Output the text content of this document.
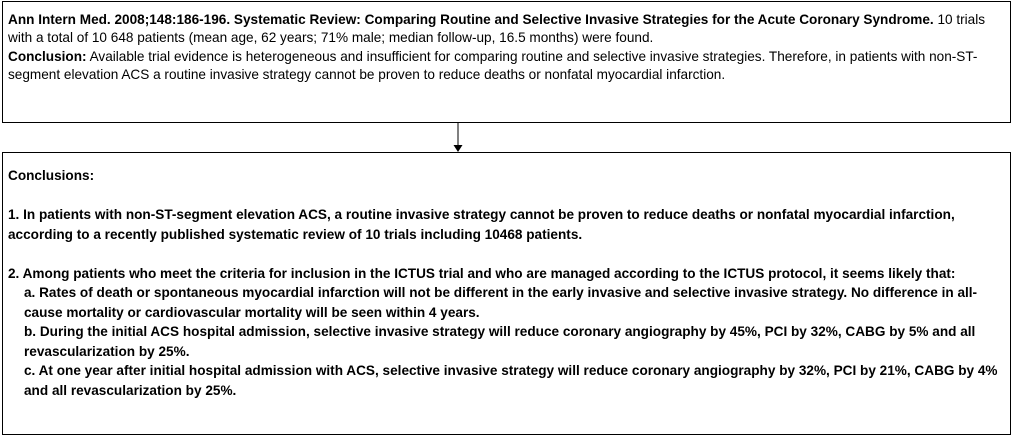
Ann Intern Med. 2008;148:186-196. Systematic Review: Comparing Routine and Selective Invasive Strategies for the Acute Coronary Syndrome. 10 trials with a total of 10 648 patients (mean age, 62 years; 71% male; median follow-up, 16.5 months) were found.
Conclusion: Available trial evidence is heterogeneous and insufficient for comparing routine and selective invasive strategies. Therefore, in patients with non-ST-segment elevation ACS a routine invasive strategy cannot be proven to reduce deaths or nonfatal myocardial infarction.

Conclusions:

1. In patients with non-ST-segment elevation ACS, a routine invasive strategy cannot be proven to reduce deaths or nonfatal myocardial infarction, according to a recently published systematic review of 10 trials including 10468 patients.

2. Among patients who meet the criteria for inclusion in the ICTUS trial and who are managed according to the ICTUS protocol, it seems likely that:

a. Rates of death or spontaneous myocardial infarction will not be different in the early invasive and selective invasive strategy. No difference in all-cause mortality or cardiovascular mortality will be seen within 4 years.

b. During the initial ACS hospital admission, selective invasive strategy will reduce coronary angiography by 45%, PCI by 32%, CABG by 5% and all revascularization by 25%.

c. At one year after initial hospital admission with ACS, selective invasive strategy will reduce coronary angiography by 32%, PCI by 21%, CABG by 4% and all revascularization by 25%.
